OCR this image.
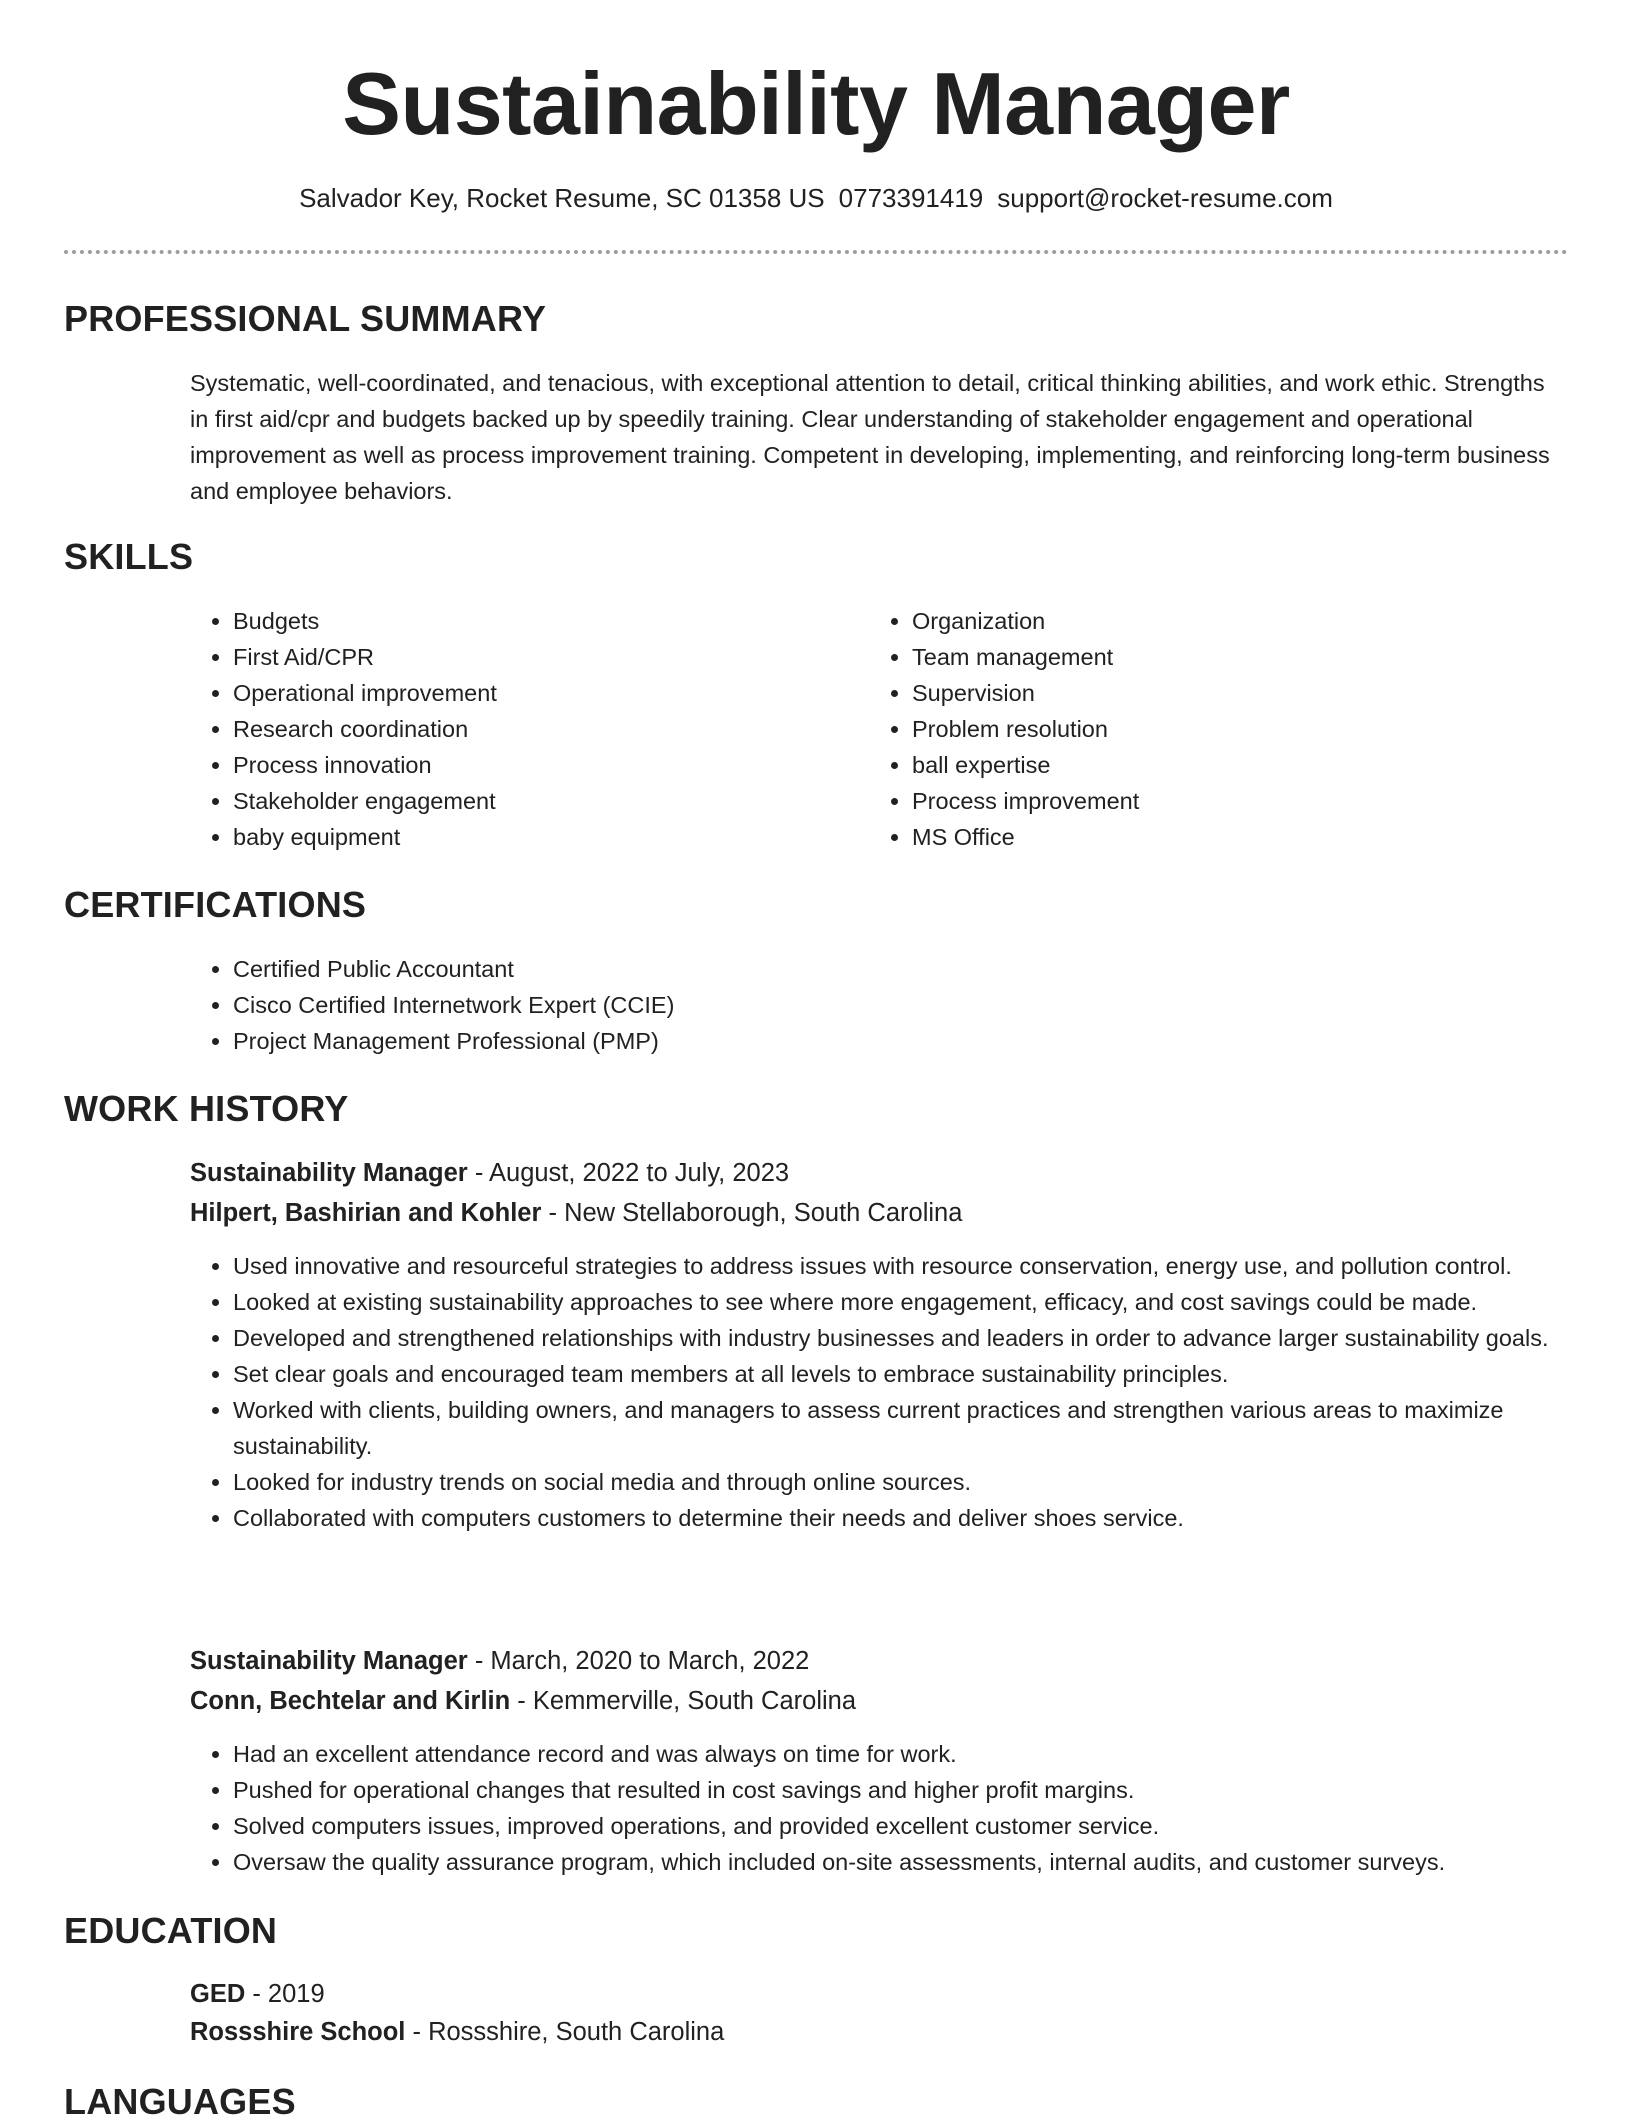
Sustainability Manager
Salvador Key, Rocket Resume, SC 01358 US 0773391419 support@rocket-resume.com
PROFESSIONAL SUMMARY
Systematic, well-coordinated, and tenacious, with exceptional attention to detail, critical thinking abilities, and work ethic. Strengths in first aid/cpr and budgets backed up by speedily training. Clear understanding of stakeholder engagement and operational improvement as well as process improvement training. Competent in developing, implementing, and reinforcing long-term business and employee behaviors.
SKILLS
• Budgets
• First Aid/CPR
• Operational improvement
• Research coordination
• Process innovation
• Stakeholder engagement
• baby equipment
• Organization
• Team management
• Supervision
• Problem resolution
• ball expertise
• Process improvement
• MS Office
CERTIFICATIONS
• Certified Public Accountant
• Cisco Certified Internetwork Expert (CCIE)
• Project Management Professional (PMP)
WORK HISTORY
Sustainability Manager - August, 2022 to July, 2023
Hilpert, Bashirian and Kohler - New Stellaborough, South Carolina
• Used innovative and resourceful strategies to address issues with resource conservation, energy use, and pollution control.
• Looked at existing sustainability approaches to see where more engagement, efficacy, and cost savings could be made.
• Developed and strengthened relationships with industry businesses and leaders in order to advance larger sustainability goals.
• Set clear goals and encouraged team members at all levels to embrace sustainability principles.
• Worked with clients, building owners, and managers to assess current practices and strengthen various areas to maximize sustainability.
• Looked for industry trends on social media and through online sources.
• Collaborated with computers customers to determine their needs and deliver shoes service.
Sustainability Manager - March, 2020 to March, 2022
Conn, Bechtelar and Kirlin - Kemmerville, South Carolina
• Had an excellent attendance record and was always on time for work.
• Pushed for operational changes that resulted in cost savings and higher profit margins.
• Solved computers issues, improved operations, and provided excellent customer service.
• Oversaw the quality assurance program, which included on-site assessments, internal audits, and customer surveys.
EDUCATION
GED - 2019
Rossshire School - Rossshire, South Carolina
LANGUAGES
